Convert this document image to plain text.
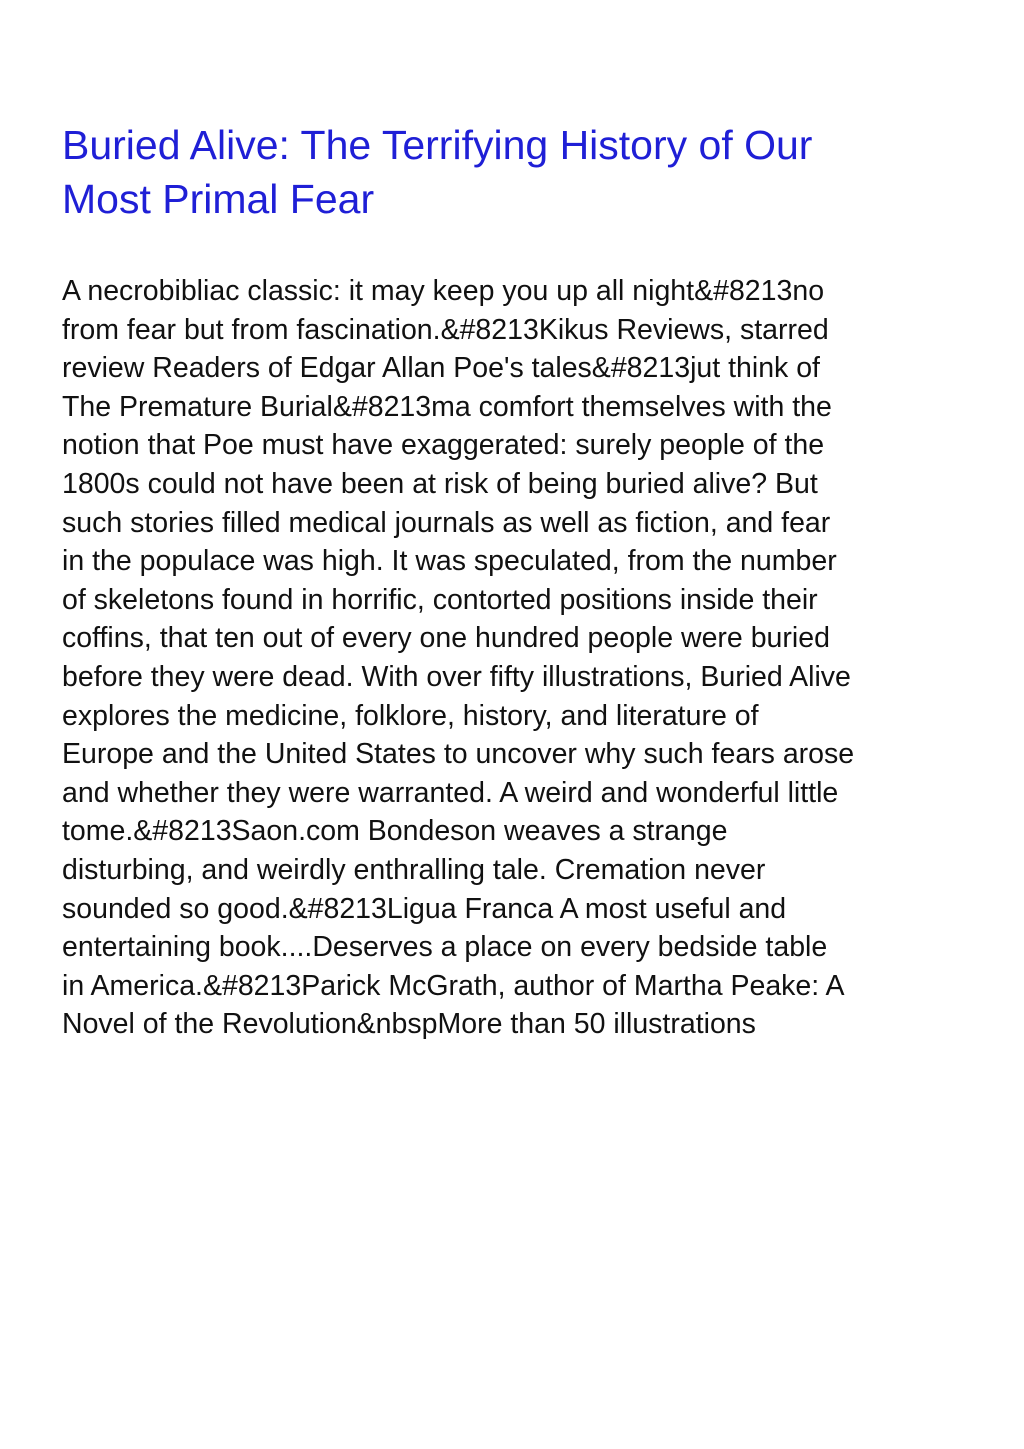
Buried Alive: The Terrifying History of Our
Most Primal Fear

A necrobibliac classic: it may keep you up all night&#8213no
from fear but from fascination.&#8213Kikus Reviews, starred
review Readers of Edgar Allan Poe's tales&#8213jut think of
The Premature Burial&#8213ma comfort themselves with the
notion that Poe must have exaggerated: surely people of the
1800s could not have been at risk of being buried alive? But
such stories filled medical journals as well as fiction, and fear
in the populace was high. It was speculated, from the number
of skeletons found in horrific, contorted positions inside their
coffins, that ten out of every one hundred people were buried
before they were dead. With over fifty illustrations, Buried Alive
explores the medicine, folklore, history, and literature of
Europe and the United States to uncover why such fears arose
and whether they were warranted. A weird and wonderful little
tome.&#8213Saon.com Bondeson weaves a strange
disturbing, and weirdly enthralling tale. Cremation never
sounded so good.&#8213Ligua Franca A most useful and
entertaining book....Deserves a place on every bedside table
in America.&#8213Parick McGrath, author of Martha Peake: A
Novel of the Revolution&nbspMore than 50 illustrations
